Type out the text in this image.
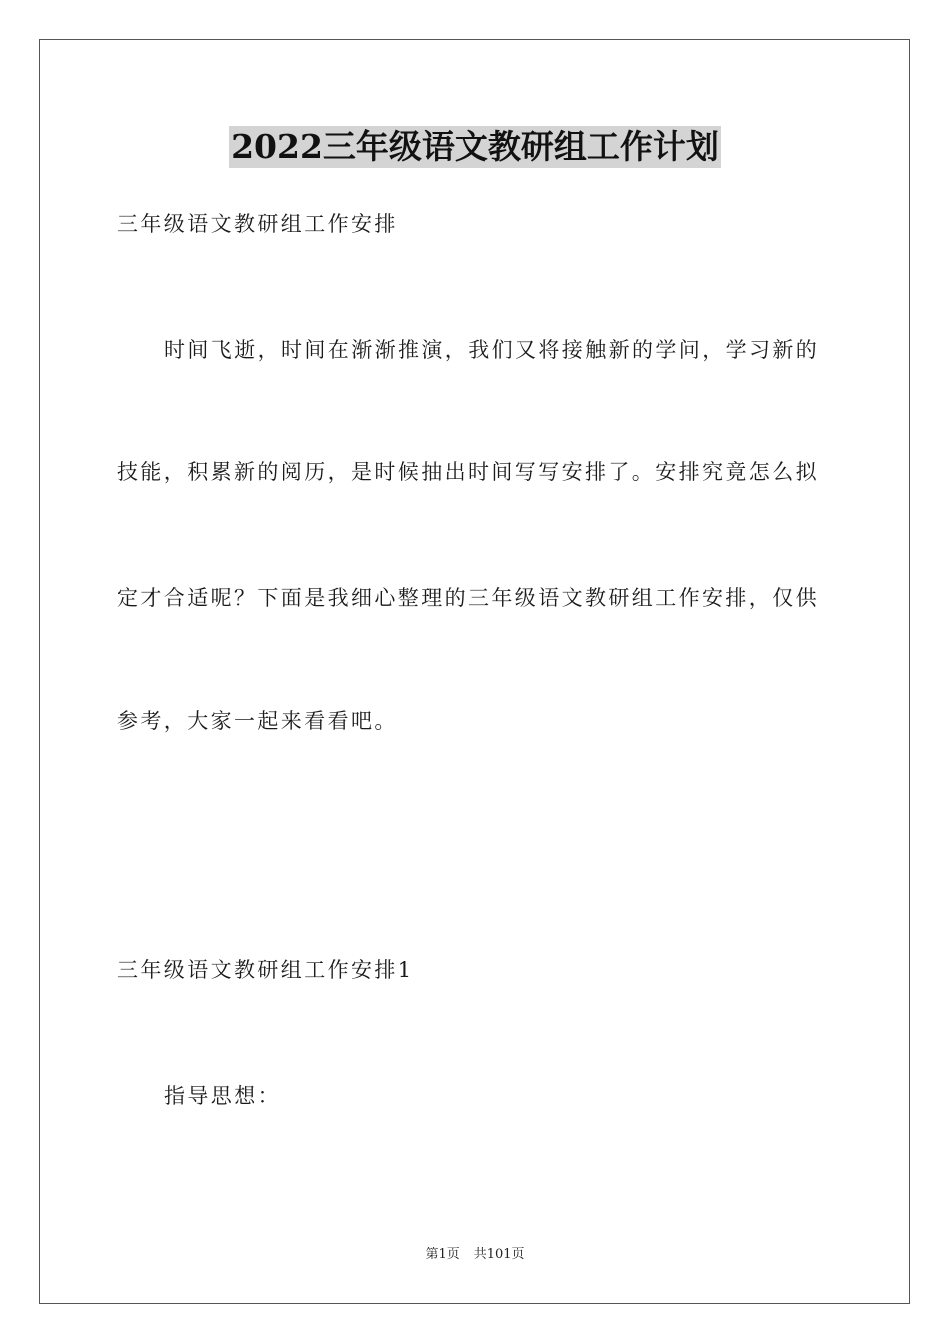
2022三年级语文教研组工作计划
三年级语文教研组工作安排
时间飞逝，时间在渐渐推演，我们又将接触新的学问，学习新的
技能，积累新的阅历，是时候抽出时间写写安排了。安排究竟怎么拟
定才合适呢？下面是我细心整理的三年级语文教研组工作安排，仅供
参考，大家一起来看看吧。
三年级语文教研组工作安排1
指导思想：
第1页 共101页
